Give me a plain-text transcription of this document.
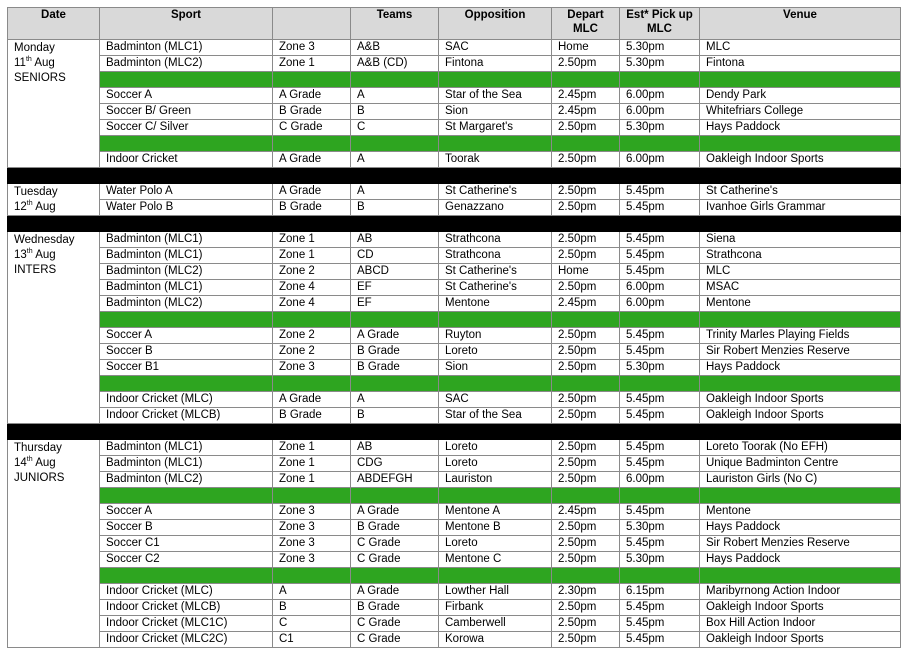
Date	Sport		Teams	Opposition	Depart MLC	Est* Pick up MLC	Venue

Monday
11th Aug
SENIORS	Badminton (MLC1)	Zone 3	A&B	SAC	Home	5.30pm	MLC
	Badminton (MLC2)	Zone 1	A&B (CD)	Fintona	2.50pm	5.30pm	Fintona

	Soccer A	A Grade	A	Star of the Sea	2.45pm	6.00pm	Dendy Park
	Soccer B/ Green	B Grade	B	Sion	2.45pm	6.00pm	Whitefriars College
	Soccer C/ Silver	C Grade	C	St Margaret's	2.50pm	5.30pm	Hays Paddock

	Indoor Cricket	A Grade	A	Toorak	2.50pm	6.00pm	Oakleigh Indoor Sports

Tuesday
12th Aug	Water Polo A	A Grade	A	St Catherine's	2.50pm	5.45pm	St Catherine's
	Water Polo B	B Grade	B	Genazzano	2.50pm	5.45pm	Ivanhoe Girls Grammar

Wednesday
13th Aug
INTERS	Badminton (MLC1)	Zone 1	AB	Strathcona	2.50pm	5.45pm	Siena
	Badminton (MLC1)	Zone 1	CD	Strathcona	2.50pm	5.45pm	Strathcona
	Badminton (MLC2)	Zone 2	ABCD	St Catherine's	Home	5.45pm	MLC
	Badminton (MLC1)	Zone 4	EF	St Catherine's	2.50pm	6.00pm	MSAC
	Badminton (MLC2)	Zone 4	EF	Mentone	2.45pm	6.00pm	Mentone

	Soccer A	Zone 2	A Grade	Ruyton	2.50pm	5.45pm	Trinity Marles Playing Fields
	Soccer B	Zone 2	B Grade	Loreto	2.50pm	5.45pm	Sir Robert Menzies Reserve
	Soccer B1	Zone 3	B Grade	Sion	2.50pm	5.30pm	Hays Paddock

	Indoor Cricket (MLC)	A Grade	A	SAC	2.50pm	5.45pm	Oakleigh Indoor Sports
	Indoor Cricket (MLCB)	B Grade	B	Star of the Sea	2.50pm	5.45pm	Oakleigh Indoor Sports

Thursday
14th Aug
JUNIORS	Badminton (MLC1)	Zone 1	AB	Loreto	2.50pm	5.45pm	Loreto Toorak (No EFH)
	Badminton (MLC1)	Zone 1	CDG	Loreto	2.50pm	5.45pm	Unique Badminton Centre
	Badminton (MLC2)	Zone 1	ABDEFGH	Lauriston	2.50pm	6.00pm	Lauriston Girls (No C)

	Soccer A	Zone 3	A Grade	Mentone A	2.45pm	5.45pm	Mentone
	Soccer B	Zone 3	B Grade	Mentone B	2.50pm	5.30pm	Hays Paddock
	Soccer C1	Zone 3	C Grade	Loreto	2.50pm	5.45pm	Sir Robert Menzies Reserve
	Soccer C2	Zone 3	C Grade	Mentone C	2.50pm	5.30pm	Hays Paddock

	Indoor Cricket (MLC)	A	A Grade	Lowther Hall	2.30pm	6.15pm	Maribyrnong Action Indoor
	Indoor Cricket (MLCB)	B	B Grade	Firbank	2.50pm	5.45pm	Oakleigh Indoor Sports
	Indoor Cricket (MLC1C)	C	C Grade	Camberwell	2.50pm	5.45pm	Box Hill Action Indoor
	Indoor Cricket (MLC2C)	C1	C Grade	Korowa	2.50pm	5.45pm	Oakleigh Indoor Sports
